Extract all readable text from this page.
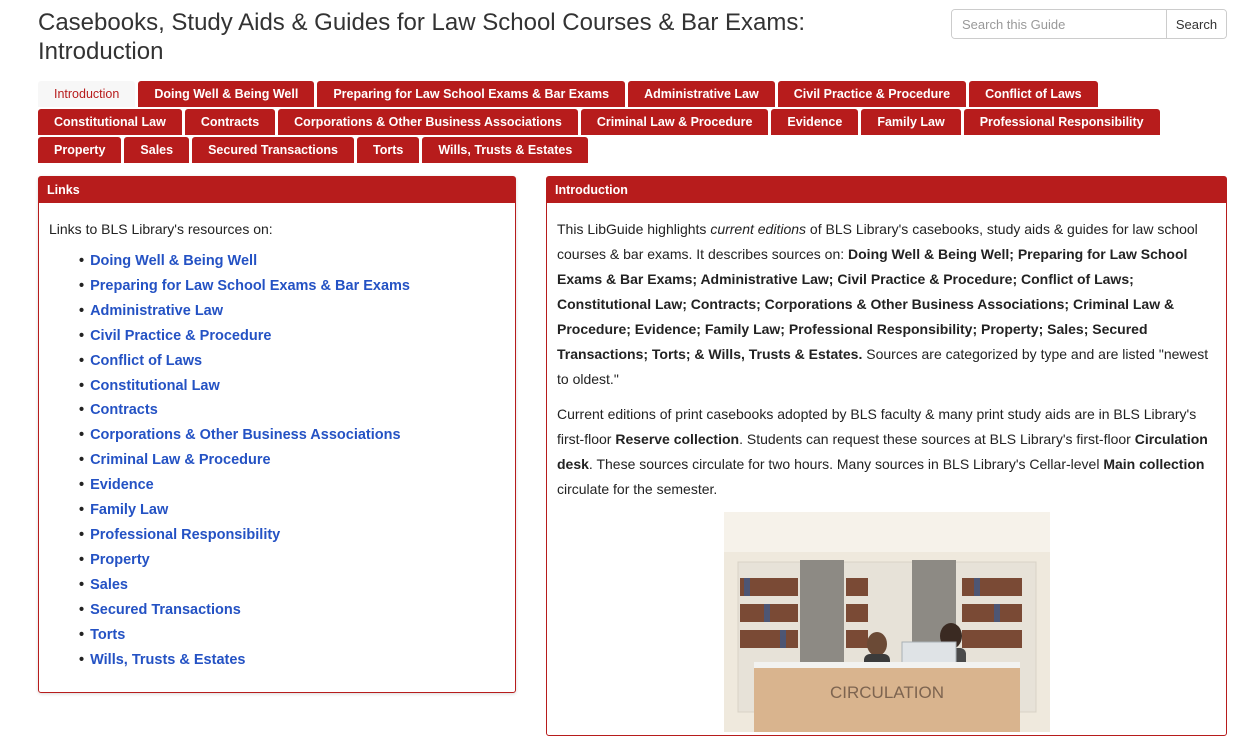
Casebooks, Study Aids & Guides for Law School Courses & Bar Exams: Introduction
Search this Guide
Search
Introduction	Doing Well & Being Well	Preparing for Law School Exams & Bar Exams	Administrative Law	Civil Practice & Procedure	Conflict of Laws
Constitutional Law	Contracts	Corporations & Other Business Associations	Criminal Law & Procedure	Evidence	Family Law	Professional Responsibility
Property	Sales	Secured Transactions	Torts	Wills, Trusts & Estates
Links

Links to BLS Library's resources on:

• Doing Well & Being Well
• Preparing for Law School Exams & Bar Exams
• Administrative Law
• Civil Practice & Procedure
• Conflict of Laws
• Constitutional Law
• Contracts
• Corporations & Other Business Associations
• Criminal Law & Procedure
• Evidence
• Family Law
• Professional Responsibility
• Property
• Sales
• Secured Transactions
• Torts
• Wills, Trusts & Estates
Introduction

This LibGuide highlights current editions of BLS Library's casebooks, study aids & guides for law school courses & bar exams. It describes sources on: Doing Well & Being Well; Preparing for Law School Exams & Bar Exams; Administrative Law; Civil Practice & Procedure; Conflict of Laws; Constitutional Law; Contracts; Corporations & Other Business Associations; Criminal Law & Procedure; Evidence; Family Law; Professional Responsibility; Property; Sales; Secured Transactions; Torts; & Wills, Trusts & Estates. Sources are categorized by type and are listed "newest to oldest."

Current editions of print casebooks adopted by BLS faculty & many print study aids are in BLS Library's first-floor Reserve collection. Students can request these sources at BLS Library's first-floor Circulation desk. These sources circulate for two hours. Many sources in BLS Library's Cellar-level Main collection circulate for the semester.

CIRCULATION
